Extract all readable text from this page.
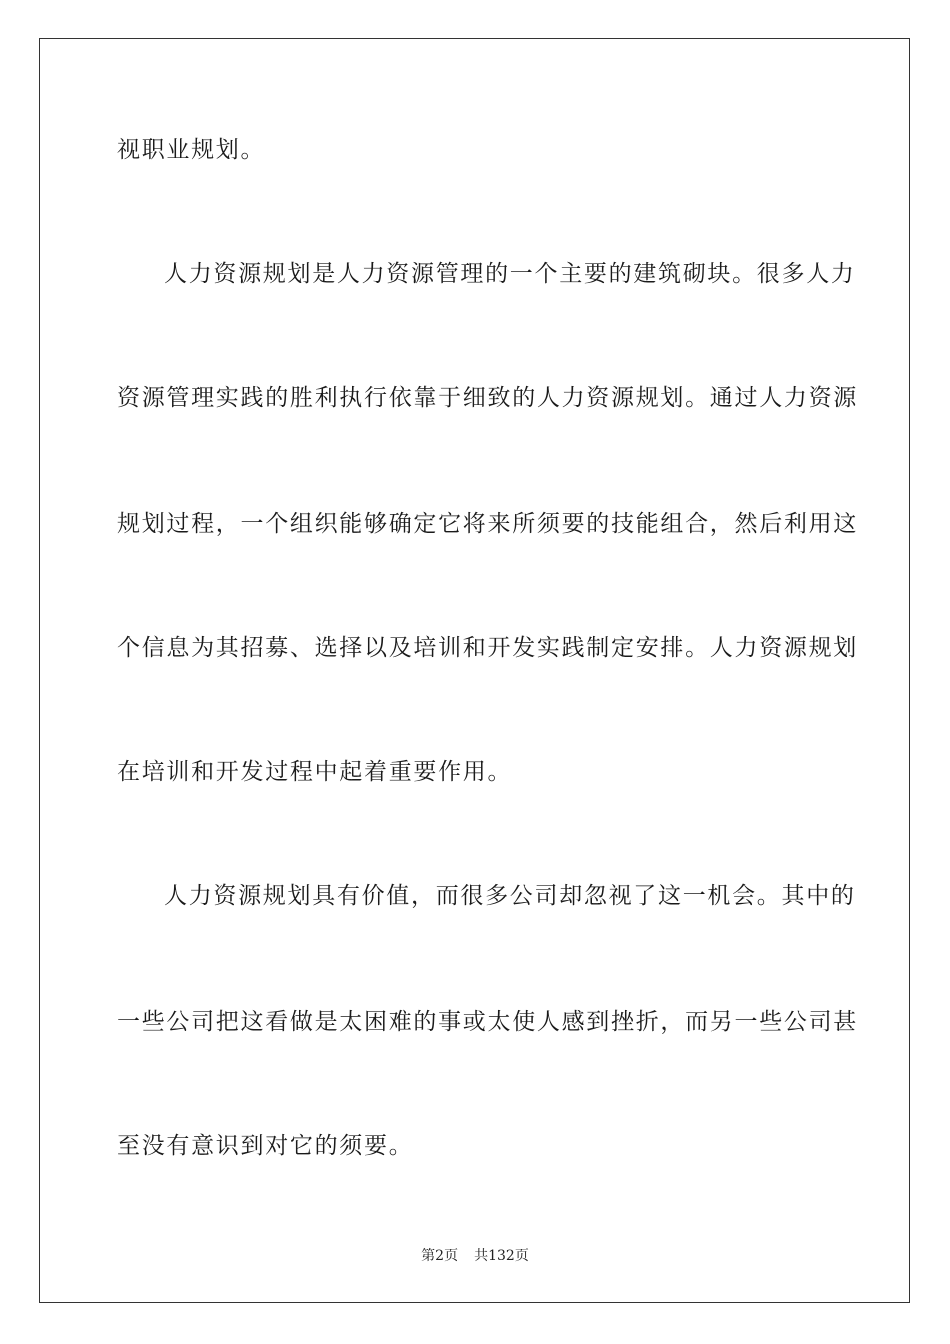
视职业规划。
人力资源规划是人力资源管理的一个主要的建筑砌块。很多人力
资源管理实践的胜利执行依靠于细致的人力资源规划。通过人力资源
规划过程，一个组织能够确定它将来所须要的技能组合，然后利用这
个信息为其招募、选择以及培训和开发实践制定安排。人力资源规划
在培训和开发过程中起着重要作用。
人力资源规划具有价值，而很多公司却忽视了这一机会。其中的
一些公司把这看做是太困难的事或太使人感到挫折，而另一些公司甚
至没有意识到对它的须要。
第2页 共132页
